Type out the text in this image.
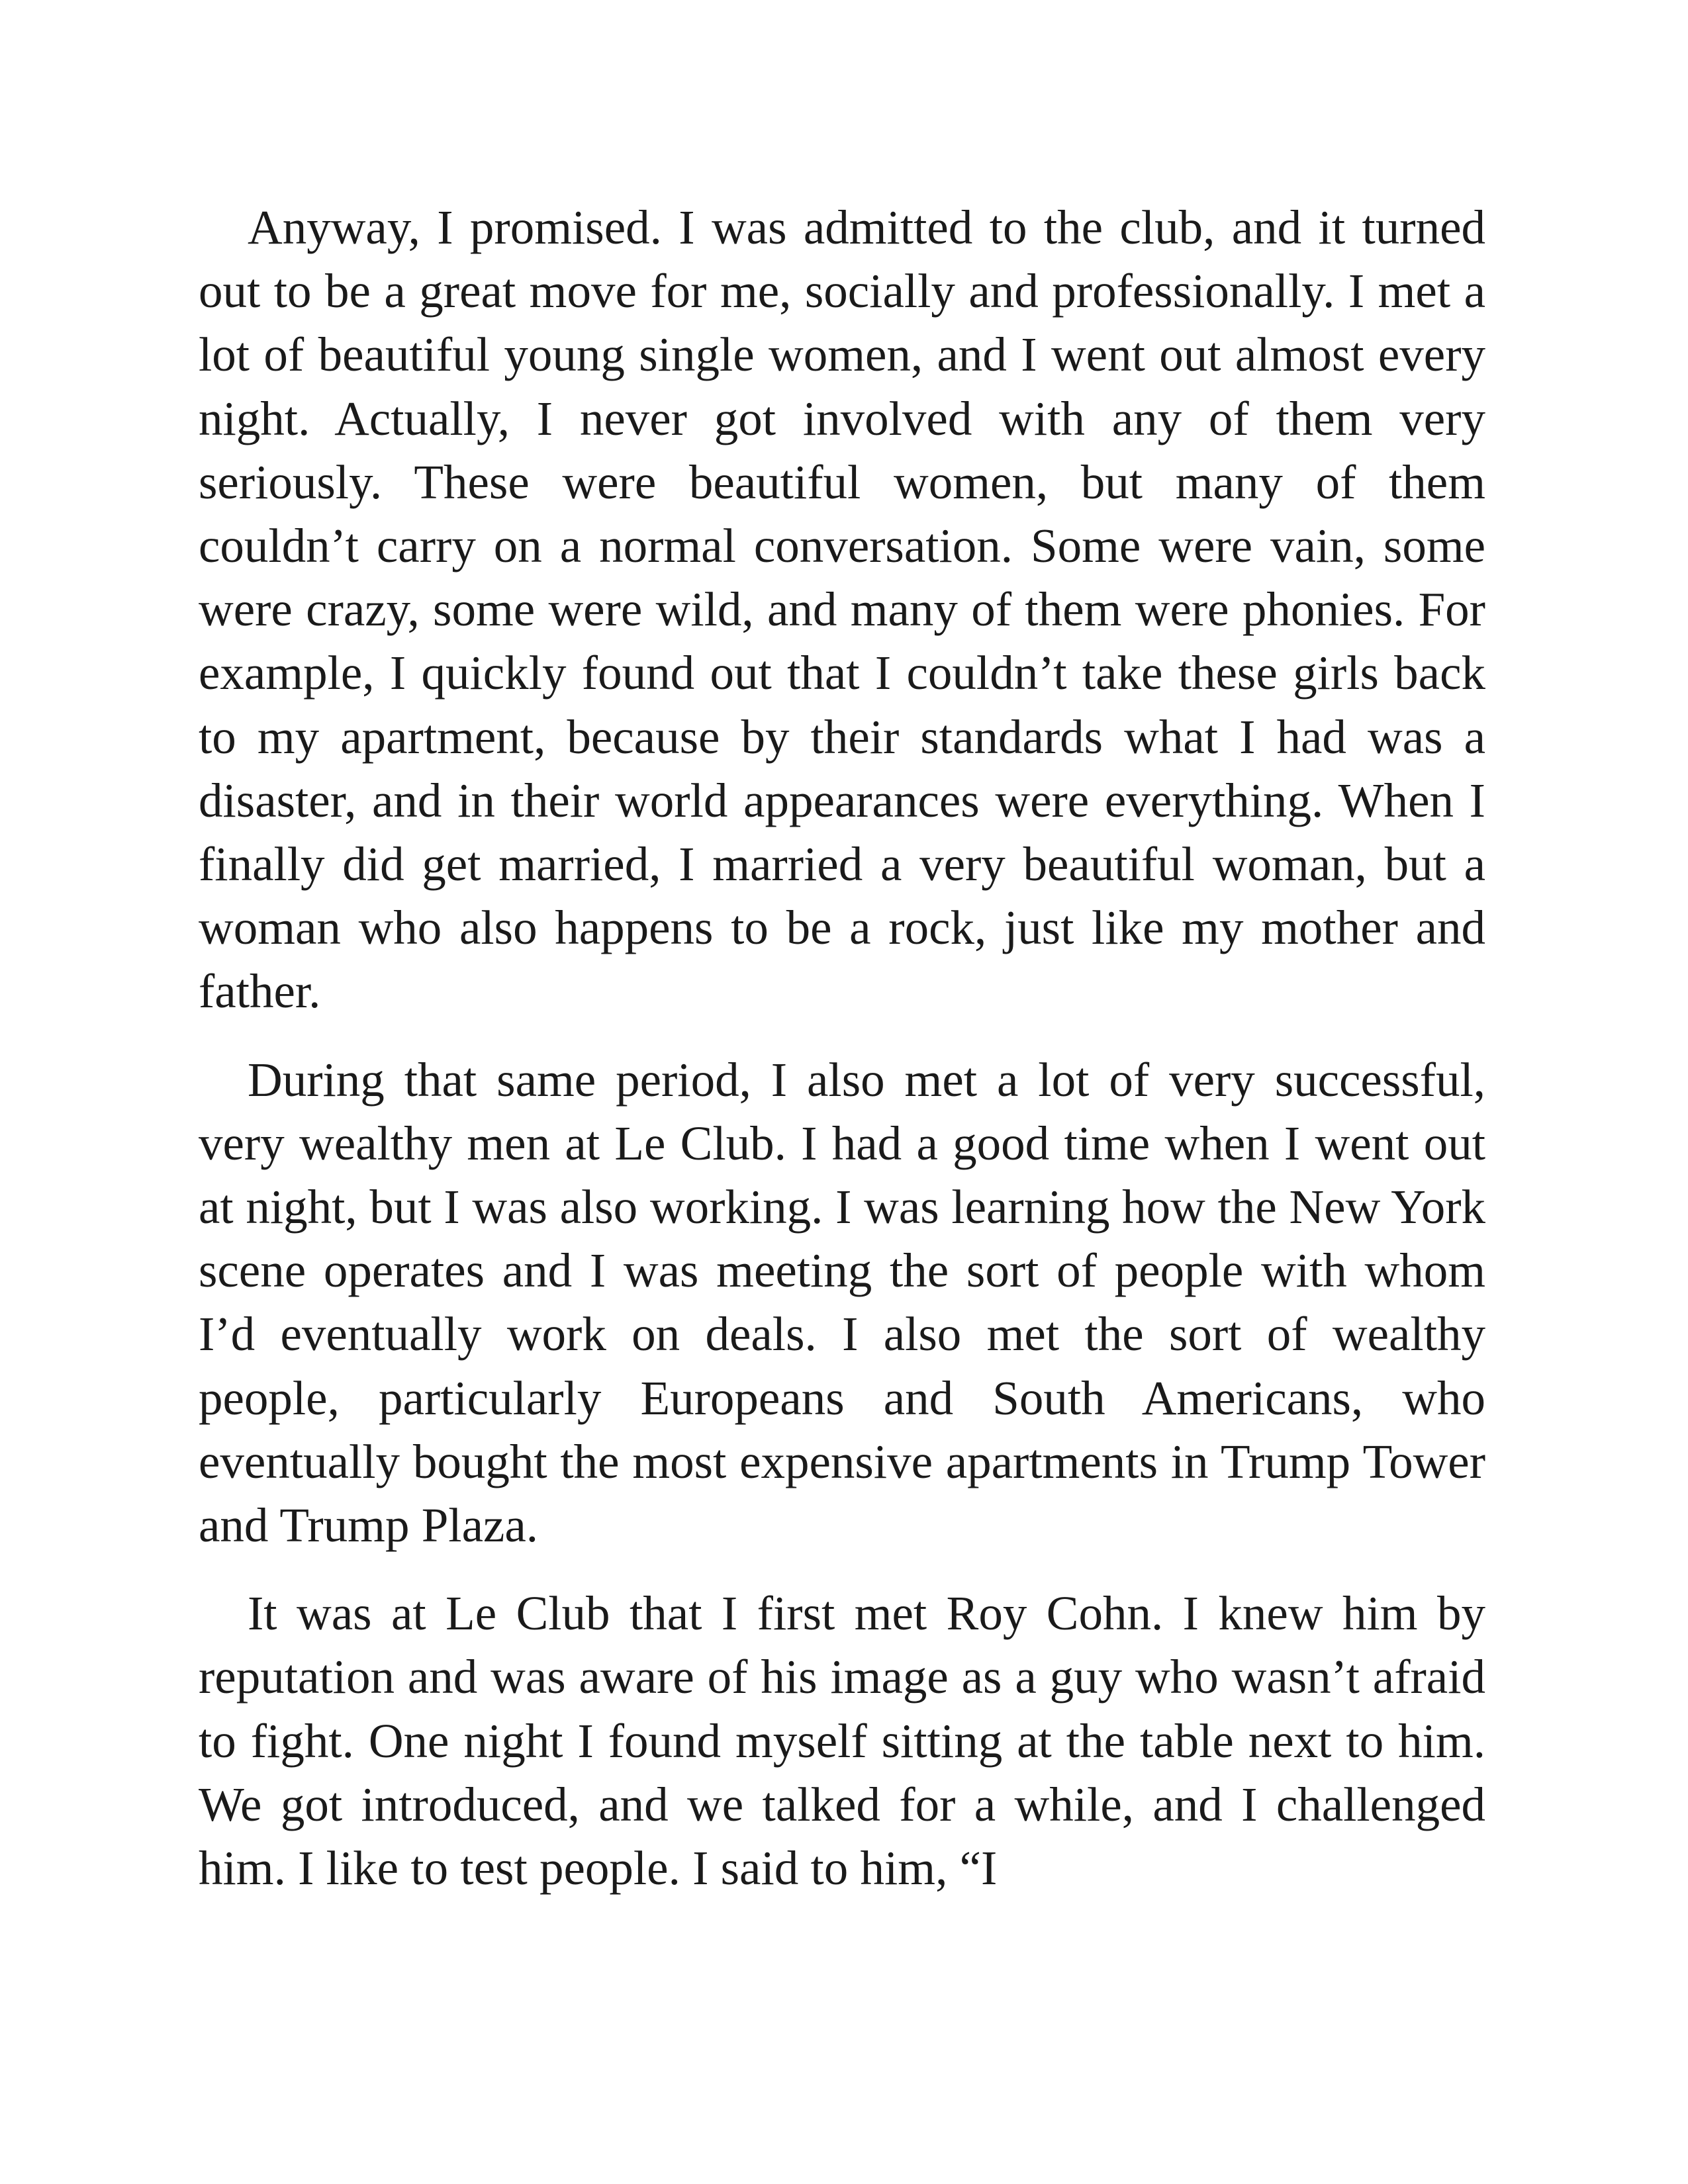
Anyway, I promised. I was admitted to the club, and it turned out to be a great move for me, socially and professionally. I met a lot of beautiful young single women, and I went out almost every night. Actually, I never got involved with any of them very seriously. These were beautiful women, but many of them couldn’t carry on a normal conversation. Some were vain, some were crazy, some were wild, and many of them were phonies. For example, I quickly found out that I couldn’t take these girls back to my apartment, because by their standards what I had was a disaster, and in their world appearances were everything. When I finally did get married, I married a very beautiful woman, but a woman who also happens to be a rock, just like my mother and father.

During that same period, I also met a lot of very successful, very wealthy men at Le Club. I had a good time when I went out at night, but I was also working. I was learning how the New York scene operates and I was meeting the sort of people with whom I’d eventually work on deals. I also met the sort of wealthy people, particularly Europeans and South Americans, who eventually bought the most expensive apartments in Trump Tower and Trump Plaza.

It was at Le Club that I first met Roy Cohn. I knew him by reputation and was aware of his image as a guy who wasn’t afraid to fight. One night I found myself sitting at the table next to him. We got introduced, and we talked for a while, and I challenged him. I like to test people. I said to him, “I
